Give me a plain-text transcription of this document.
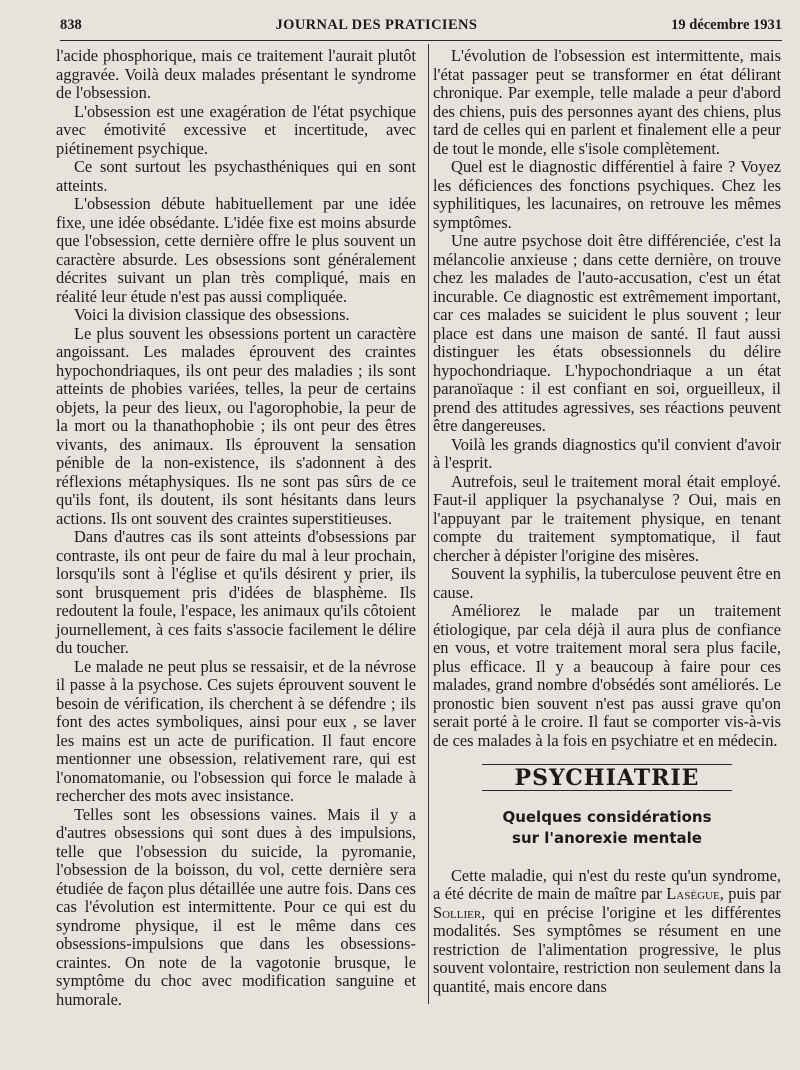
838	JOURNAL DES PRATICIENS	19 décembre 1931

l'acide phosphorique, mais ce traitement l'aurait plutôt aggravée. Voilà deux malades présentant le syndrome de l'obsession.

L'obsession est une exagération de l'état psychique avec émotivité excessive et incertitude, avec piétinement psychique.

Ce sont surtout les psychasthéniques qui en sont atteints.

L'obsession débute habituellement par une idée fixe, une idée obsédante. L'idée fixe est moins absurde que l'obsession, cette dernière offre le plus souvent un caractère absurde. Les obsessions sont généralement décrites suivant un plan très compliqué, mais en réalité leur étude n'est pas aussi compliquée.

Voici la division classique des obsessions.

Le plus souvent les obsessions portent un caractère angoissant. Les malades éprouvent des craintes hypochondriaques, ils ont peur des maladies ; ils sont atteints de phobies variées, telles, la peur de certains objets, la peur des lieux, ou l'agorophobie, la peur de la mort ou la thanathophobie ; ils ont peur des êtres vivants, des animaux. Ils éprouvent la sensation pénible de la non-existence, ils s'adonnent à des réflexions métaphysiques. Ils ne sont pas sûrs de ce qu'ils font, ils doutent, ils sont hésitants dans leurs actions. Ils ont souvent des craintes superstitieuses.

Dans d'autres cas ils sont atteints d'obsessions par contraste, ils ont peur de faire du mal à leur prochain, lorsqu'ils sont à l'église et qu'ils désirent y prier, ils sont brusquement pris d'idées de blasphème. Ils redoutent la foule, l'espace, les animaux qu'ils côtoient journellement, à ces faits s'associe facilement le délire du toucher.

Le malade ne peut plus se ressaisir, et de la névrose il passe à la psychose. Ces sujets éprouvent souvent le besoin de vérification, ils cherchent à se défendre ; ils font des actes symboliques, ainsi pour eux , se laver les mains est un acte de purification. Il faut encore mentionner une obsession, relativement rare, qui est l'onomatomanie, ou l'obsession qui force le malade à rechercher des mots avec insistance.

Telles sont les obsessions vaines. Mais il y a d'autres obsessions qui sont dues à des impulsions, telle que l'obsession du suicide, la pyromanie, l'obsession de la boisson, du vol, cette dernière sera étudiée de façon plus détaillée une autre fois. Dans ces cas l'évolution est intermittente. Pour ce qui est du syndrome physique, il est le même dans ces obsessions-impulsions que dans les obsessions-craintes. On note de la vagotonie brusque, le symptôme du choc avec modification sanguine et humorale.

L'évolution de l'obsession est intermittente, mais l'état passager peut se transformer en état délirant chronique. Par exemple, telle malade a peur d'abord des chiens, puis des personnes ayant des chiens, plus tard de celles qui en parlent et finalement elle a peur de tout le monde, elle s'isole complètement.

Quel est le diagnostic différentiel à faire ? Voyez les déficiences des fonctions psychiques. Chez les syphilitiques, les lacunaires, on retrouve les mêmes symptômes.

Une autre psychose doit être différenciée, c'est la mélancolie anxieuse ; dans cette dernière, on trouve chez les malades de l'auto-accusation, c'est un état incurable. Ce diagnostic est extrêmement important, car ces malades se suicident le plus souvent ; leur place est dans une maison de santé. Il faut aussi distinguer les états obsessionnels du délire hypochondriaque. L'hypochondriaque a un état paranoïaque : il est confiant en soi, orgueilleux, il prend des attitudes agressives, ses réactions peuvent être dangereuses.

Voilà les grands diagnostics qu'il convient d'avoir à l'esprit.

Autrefois, seul le traitement moral était employé. Faut-il appliquer la psychanalyse ? Oui, mais en l'appuyant par le traitement physique, en tenant compte du traitement symptomatique, il faut chercher à dépister l'origine des misères.

Souvent la syphilis, la tuberculose peuvent être en cause.

Améliorez le malade par un traitement étiologique, par cela déjà il aura plus de confiance en vous, et votre traitement moral sera plus facile, plus efficace. Il y a beaucoup à faire pour ces malades, grand nombre d'obsédés sont améliorés. Le pronostic bien souvent n'est pas aussi grave qu'on serait porté à le croire. Il faut se comporter vis-à-vis de ces malades à la fois en psychiatre et en médecin.

PSYCHIATRIE
Quelques considérations
sur l'anorexie mentale

Cette maladie, qui n'est du reste qu'un syndrome, a été décrite de main de maître par Lasègue, puis par Sollier, qui en précise l'origine et les différentes modalités. Ses symptômes se résument en une restriction de l'alimentation progressive, le plus souvent volontaire, restriction non seulement dans la quantité, mais encore dans
